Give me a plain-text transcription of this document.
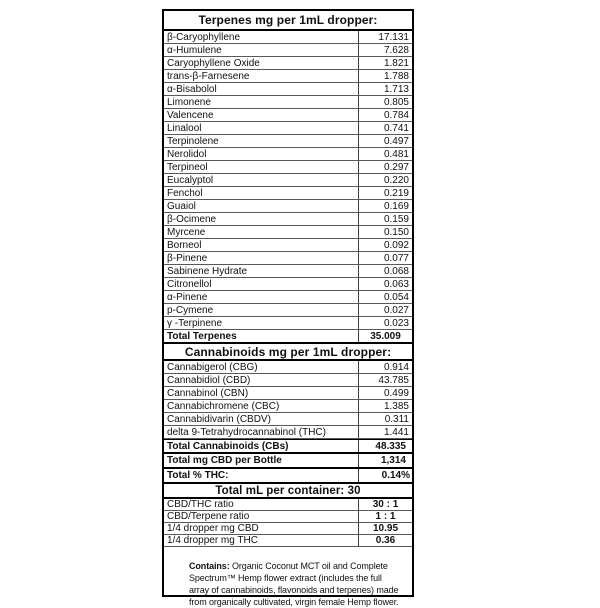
Terpenes mg per 1mL dropper:
β-Caryophyllene	17.131
α-Humulene	7.628
Caryophyllene Oxide	1.821
trans-β-Farnesene	1.788
α-Bisabolol	1.713
Limonene	0.805
Valencene	0.784
Linalool	0.741
Terpinolene	0.497
Nerolidol	0.481
Terpineol	0.297
Eucalyptol	0.220
Fenchol	0.219
Guaiol	0.169
β-Ocimene	0.159
Myrcene	0.150
Borneol	0.092
β-Pinene	0.077
Sabinene Hydrate	0.068
Citronellol	0.063
α-Pinene	0.054
p-Cymene	0.027
γ -Terpinene	0.023
Total Terpenes	35.009
Cannabinoids mg per 1mL dropper:
Cannabigerol (CBG)	0.914
Cannabidiol (CBD)	43.785
Cannabinol (CBN)	0.499
Cannabichromene (CBC)	1.385
Cannabidivarin (CBDV)	0.311
delta 9-Tetrahydrocannabinol (THC)	1.441
Total Cannabinoids (CBs)	48.335
Total mg CBD per Bottle	1,314
Total % THC:	0.14%
Total mL per container: 30
CBD/THC ratio	30 : 1
CBD/Terpene ratio	1 : 1
1/4 dropper mg CBD	10.95
1/4 dropper mg THC	0.36
Contains: Organic Coconut MCT oil and Complete Spectrum™ Hemp flower extract (includes the full array of cannabinoids, flavonoids and terpenes) made from organically cultivated, virgin female Hemp flower.
